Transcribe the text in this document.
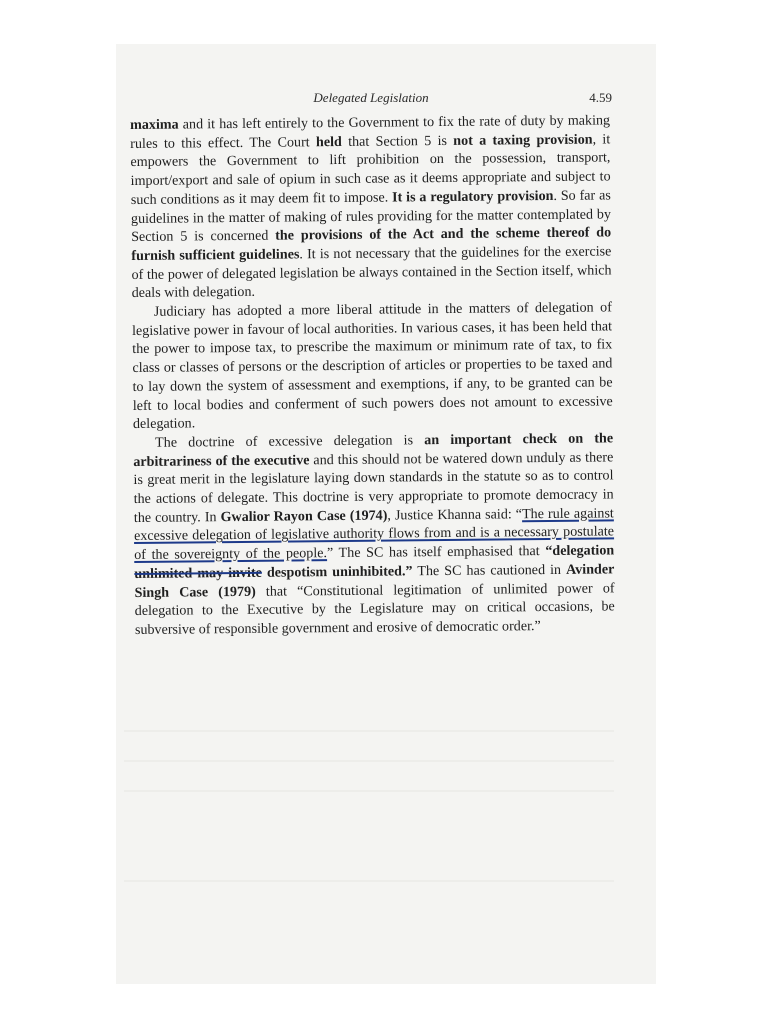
Delegated Legislation	4.59

maxima and it has left entirely to the Government to fix the rate of duty by making rules to this effect. The Court held that Section 5 is not a taxing provision, it empowers the Government to lift prohibition on the possession, transport, import/export and sale of opium in such case as it deems appropriate and subject to such conditions as it may deem fit to impose. It is a regulatory provision. So far as guidelines in the matter of making of rules providing for the matter contemplated by Section 5 is concerned the provisions of the Act and the scheme thereof do furnish sufficient guidelines. It is not necessary that the guidelines for the exercise of the power of delegated legislation be always contained in the Section itself, which deals with delegation.

Judiciary has adopted a more liberal attitude in the matters of delegation of legislative power in favour of local authorities. In various cases, it has been held that the power to impose tax, to prescribe the maximum or minimum rate of tax, to fix class or classes of persons or the description of articles or properties to be taxed and to lay down the system of assessment and exemptions, if any, to be granted can be left to local bodies and conferment of such powers does not amount to excessive delegation.

The doctrine of excessive delegation is an important check on the arbitrariness of the executive and this should not be watered down unduly as there is great merit in the legislature laying down standards in the statute so as to control the actions of delegate. This doctrine is very appropriate to promote democracy in the country. In Gwalior Rayon Case (1974), Justice Khanna said: “The rule against excessive delegation of legislative authority flows from and is a necessary postulate of the sovereignty of the people.” The SC has itself emphasised that “delegation unlimited may invite despotism uninhibited.” The SC has cautioned in Avinder Singh Case (1979) that “Constitutional legitimation of unlimited power of delegation to the Executive by the Legislature may on critical occasions, be subversive of responsible government and erosive of democratic order.”
